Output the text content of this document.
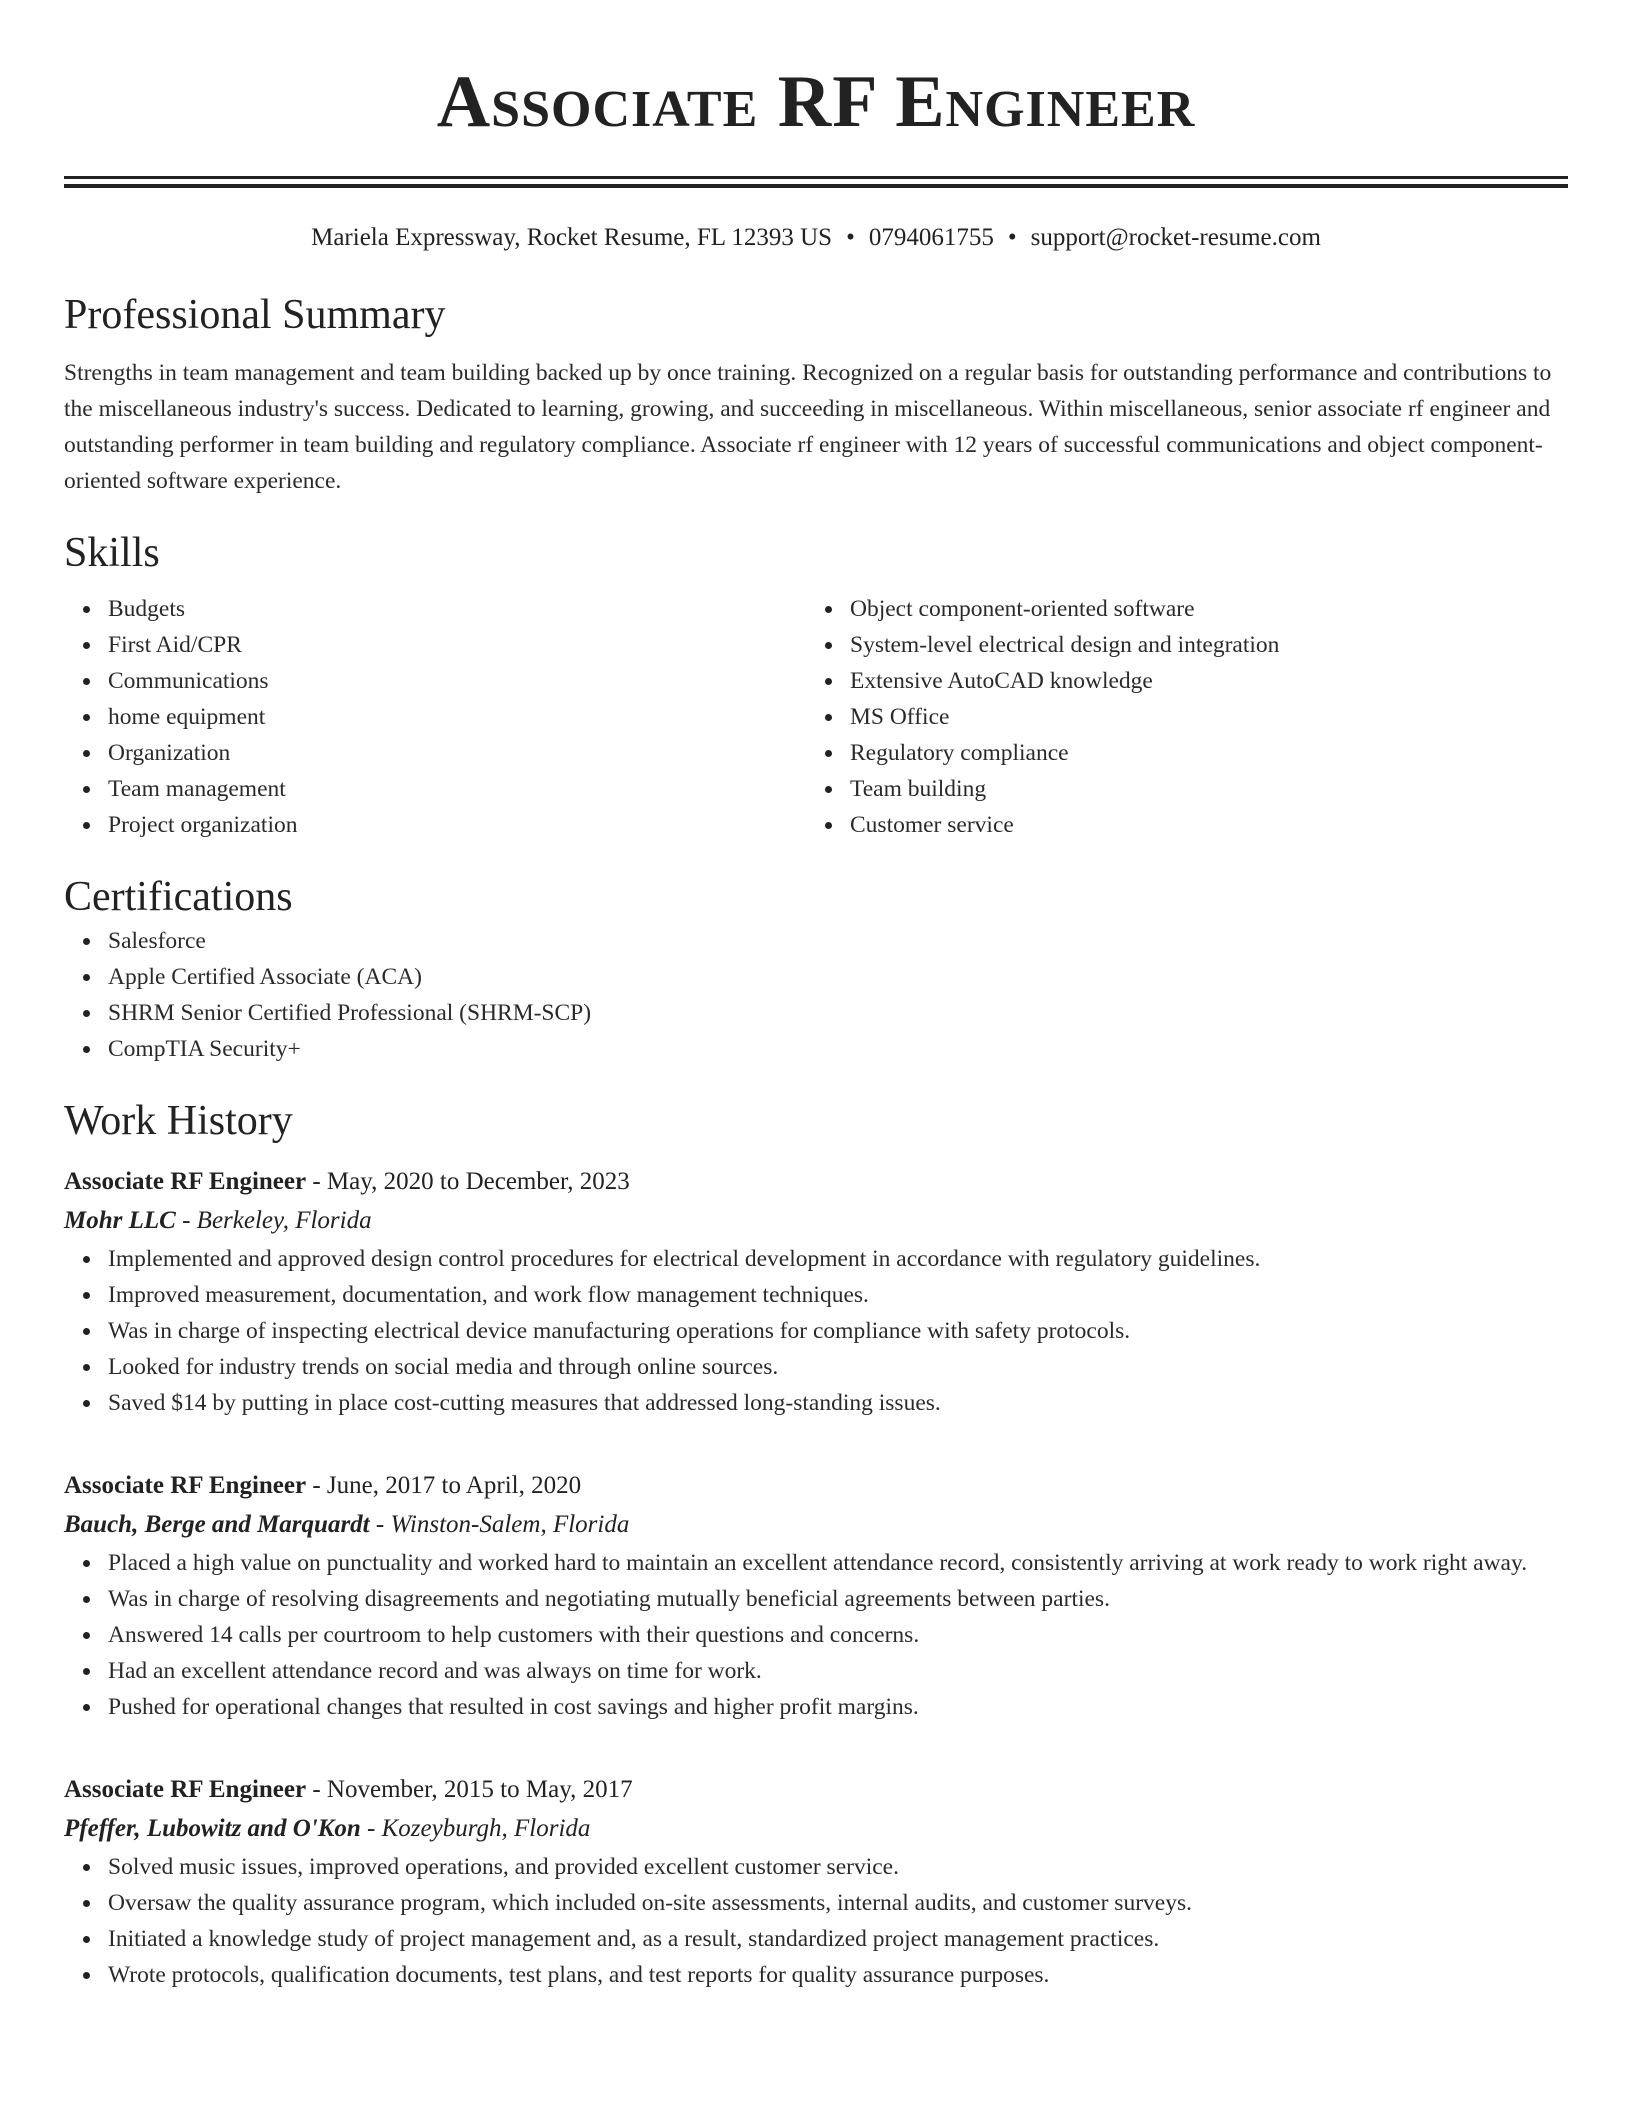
Associate RF Engineer
Mariela Expressway, Rocket Resume, FL 12393 US • 0794061755 • support@rocket-resume.com
Professional Summary

Strengths in team management and team building backed up by once training. Recognized on a regular basis for outstanding performance and contributions to the miscellaneous industry's success. Dedicated to learning, growing, and succeeding in miscellaneous. Within miscellaneous, senior associate rf engineer and outstanding performer in team building and regulatory compliance. Associate rf engineer with 12 years of successful communications and object component-oriented software experience.

Skills
Budgets
First Aid/CPR
Communications
home equipment
Organization
Team management
Project organization
Object component-oriented software
System-level electrical design and integration
Extensive AutoCAD knowledge
MS Office
Regulatory compliance
Team building
Customer service
Certifications
Salesforce
Apple Certified Associate (ACA)
SHRM Senior Certified Professional (SHRM-SCP)
CompTIA Security+
Work History
Associate RF Engineer - May, 2020 to December, 2023
Mohr LLC - Berkeley, Florida
Implemented and approved design control procedures for electrical development in accordance with regulatory guidelines.
Improved measurement, documentation, and work flow management techniques.
Was in charge of inspecting electrical device manufacturing operations for compliance with safety protocols.
Looked for industry trends on social media and through online sources.
Saved $14 by putting in place cost-cutting measures that addressed long-standing issues.
Associate RF Engineer - June, 2017 to April, 2020
Bauch, Berge and Marquardt - Winston-Salem, Florida
Placed a high value on punctuality and worked hard to maintain an excellent attendance record, consistently arriving at work ready to work right away.
Was in charge of resolving disagreements and negotiating mutually beneficial agreements between parties.
Answered 14 calls per courtroom to help customers with their questions and concerns.
Had an excellent attendance record and was always on time for work.
Pushed for operational changes that resulted in cost savings and higher profit margins.
Associate RF Engineer - November, 2015 to May, 2017
Pfeffer, Lubowitz and O'Kon - Kozeyburgh, Florida
Solved music issues, improved operations, and provided excellent customer service.
Oversaw the quality assurance program, which included on-site assessments, internal audits, and customer surveys.
Initiated a knowledge study of project management and, as a result, standardized project management practices.
Wrote protocols, qualification documents, test plans, and test reports for quality assurance purposes.
